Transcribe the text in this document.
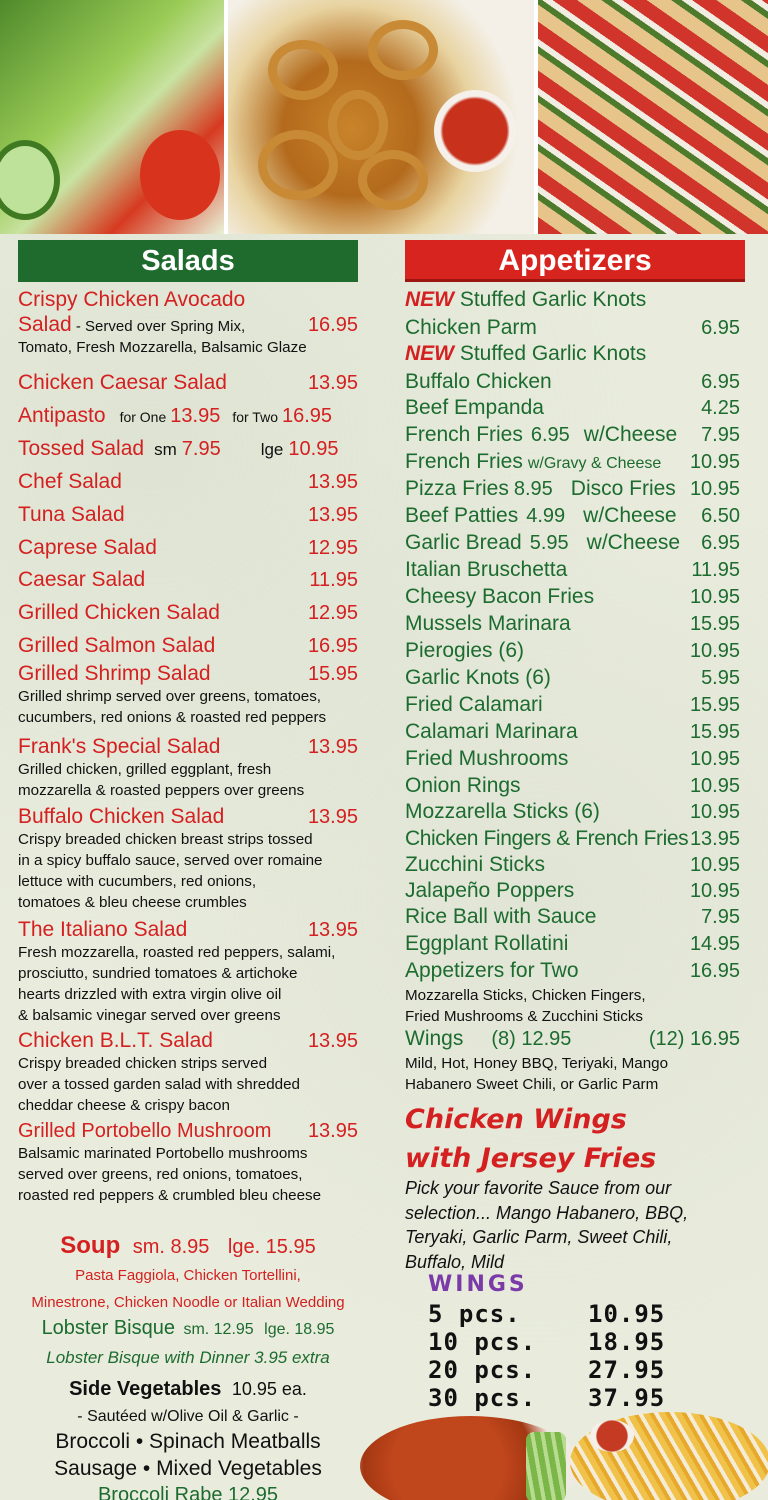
Salads
Crispy Chicken Avocado
Salad - Served over Spring Mix,	16.95
Tomato, Fresh Mozzarella, Balsamic Glaze
Chicken Caesar Salad	13.95
Antipasto for One 13.95 for Two 16.95
Tossed Salad sm 7.95 lge 10.95
Chef Salad	13.95
Tuna Salad	13.95
Caprese Salad	12.95
Caesar Salad	11.95
Grilled Chicken Salad	12.95
Grilled Salmon Salad	16.95
Grilled Shrimp Salad	15.95
Grilled shrimp served over greens, tomatoes,
cucumbers, red onions & roasted red peppers
Frank's Special Salad	13.95
Grilled chicken, grilled eggplant, fresh
mozzarella & roasted peppers over greens
Buffalo Chicken Salad	13.95
Crispy breaded chicken breast strips tossed
in a spicy buffalo sauce, served over romaine
lettuce with cucumbers, red onions,
tomatoes & bleu cheese crumbles
The Italiano Salad	13.95
Fresh mozzarella, roasted red peppers, salami,
prosciutto, sundried tomatoes & artichoke
hearts drizzled with extra virgin olive oil
& balsamic vinegar served over greens
Chicken B.L.T. Salad	13.95
Crispy breaded chicken strips served
over a tossed garden salad with shredded
cheddar cheese & crispy bacon
Grilled Portobello Mushroom 13.95
Balsamic marinated Portobello mushrooms
served over greens, red onions, tomatoes,
roasted red peppers & crumbled bleu cheese
Soup sm. 8.95 lge. 15.95
Pasta Faggiola, Chicken Tortellini,
Minestrone, Chicken Noodle or Italian Wedding
Lobster Bisque sm. 12.95 lge. 18.95
Lobster Bisque with Dinner 3.95 extra
Side Vegetables 10.95 ea.
- Sautéed w/Olive Oil & Garlic -
Broccoli • Spinach Meatballs
Sausage • Mixed Vegetables
Broccoli Rabe 12.95
Appetizers
NEW Stuffed Garlic Knots
Chicken Parm	6.95
NEW Stuffed Garlic Knots
Buffalo Chicken	6.95
Beef Empanda	4.25
French Fries 6.95 w/Cheese 7.95
French Fries w/Gravy & Cheese 10.95
Pizza Fries 8.95 Disco Fries 10.95
Beef Patties 4.99 w/Cheese 6.50
Garlic Bread 5.95 w/Cheese 6.95
Italian Bruschetta	11.95
Cheesy Bacon Fries	10.95
Mussels Marinara	15.95
Pierogies (6)	10.95
Garlic Knots (6)	5.95
Fried Calamari	15.95
Calamari Marinara	15.95
Fried Mushrooms	10.95
Onion Rings	10.95
Mozzarella Sticks (6)	10.95
Chicken Fingers & French Fries 13.95
Zucchini Sticks	10.95
Jalapeño Poppers	10.95
Rice Ball with Sauce	7.95
Eggplant Rollatini	14.95
Appetizers for Two	16.95
Mozzarella Sticks, Chicken Fingers,
Fried Mushrooms & Zucchini Sticks
Wings (8) 12.95	(12) 16.95
Mild, Hot, Honey BBQ, Teriyaki, Mango
Habanero Sweet Chili, or Garlic Parm
Chicken Wings
with Jersey Fries
Pick your favorite Sauce from our selection... Mango Habanero, BBQ, Teryaki, Garlic Parm, Sweet Chili, Buffalo, Mild
WINGS
5 pcs.	10.95
10 pcs.	18.95
20 pcs.	27.95
30 pcs.	37.95
